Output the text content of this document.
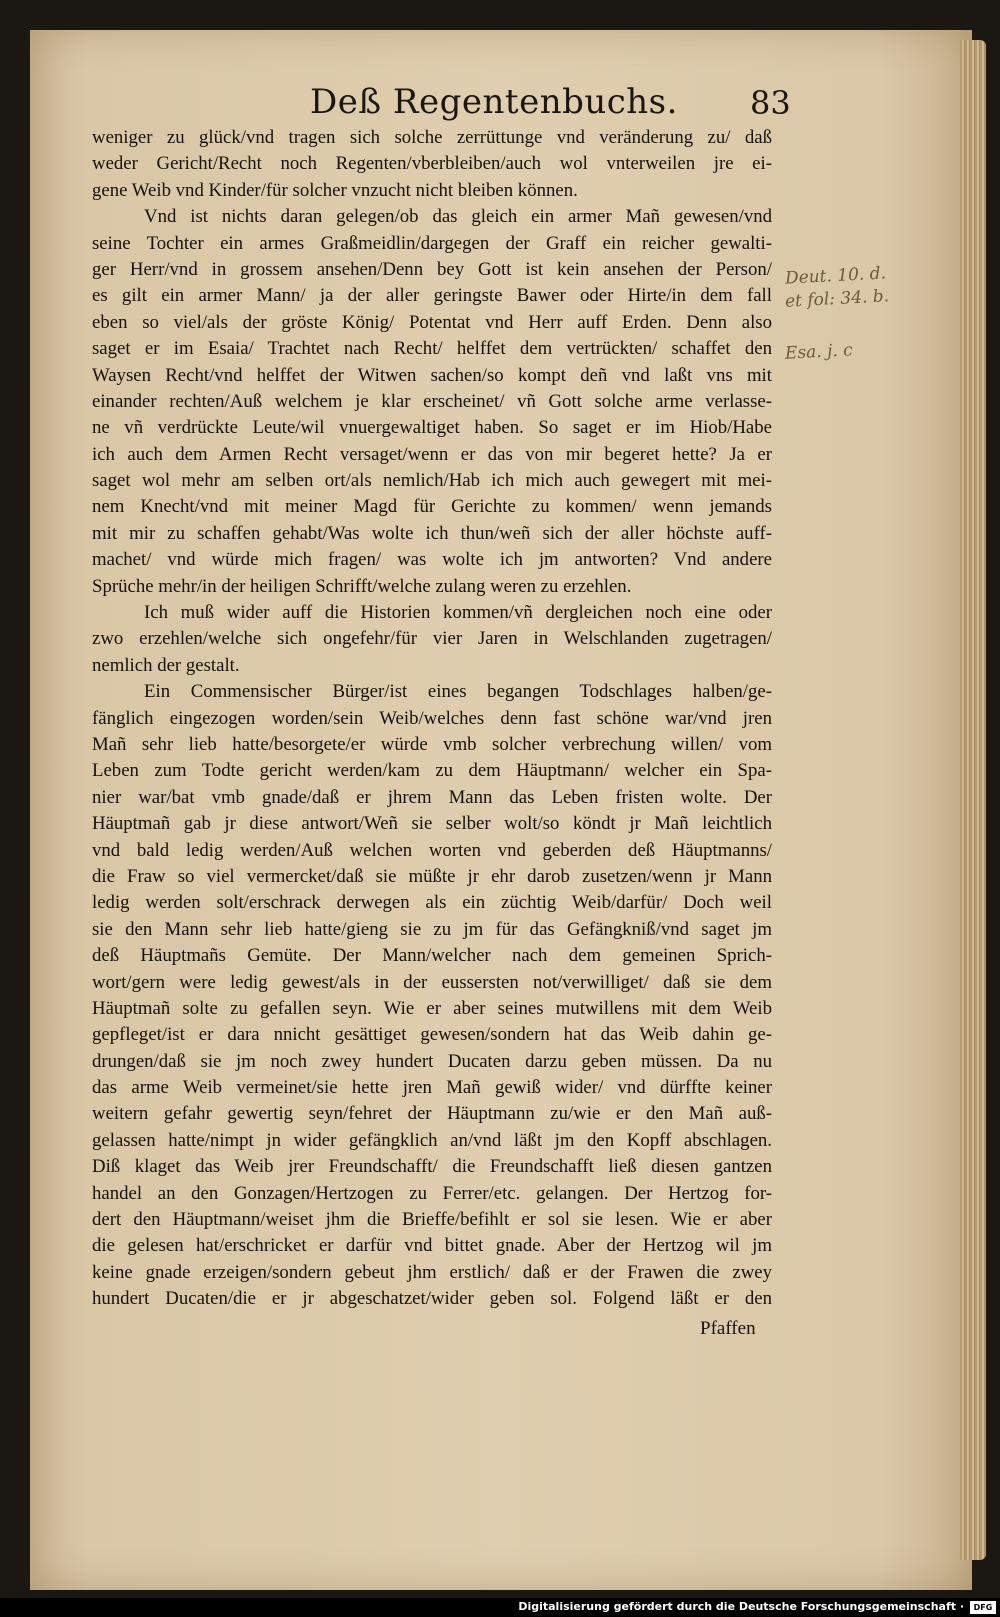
Deß Regentenbuchs. 83
weniger zu glück/vnd tragen sich solche zerrüttunge vnd veränderung zu/ daß
weder Gericht/Recht noch Regenten/vberbleiben/auch wol vnterweilen jre ei-
gene Weib vnd Kinder/für solcher vnzucht nicht bleiben können.
Vnd ist nichts daran gelegen/ob das gleich ein armer Mañ gewesen/vnd
seine Tochter ein armes Graßmeidlin/dargegen der Graff ein reicher gewalti-
ger Herr/vnd in grossem ansehen/Denn bey Gott ist kein ansehen der Person/
es gilt ein armer Mann/ ja der aller geringste Bawer oder Hirte/in dem fall
eben so viel/als der gröste König/ Potentat vnd Herr auff Erden. Denn also
saget er im Esaia/ Trachtet nach Recht/ helffet dem vertrückten/ schaffet den
Waysen Recht/vnd helffet der Witwen sachen/so kompt deñ vnd laßt vns mit
einander rechten/Auß welchem je klar erscheinet/ vñ Gott solche arme verlasse-
ne vñ verdrückte Leute/wil vnuergewaltiget haben. So saget er im Hiob/Habe
ich auch dem Armen Recht versaget/wenn er das von mir begeret hette? Ja er
saget wol mehr am selben ort/als nemlich/Hab ich mich auch gewegert mit mei-
nem Knecht/vnd mit meiner Magd für Gerichte zu kommen/ wenn jemands
mit mir zu schaffen gehabt/Was wolte ich thun/weñ sich der aller höchste auff-
machet/ vnd würde mich fragen/ was wolte ich jm antworten? Vnd andere
Sprüche mehr/in der heiligen Schrifft/welche zulang weren zu erzehlen.
Ich muß wider auff die Historien kommen/vñ dergleichen noch eine oder
zwo erzehlen/welche sich ongefehr/für vier Jaren in Welschlanden zugetragen/
nemlich der gestalt.
Ein Commensischer Bürger/ist eines begangen Todschlages halben/ge-
fänglich eingezogen worden/sein Weib/welches denn fast schöne war/vnd jren
Mañ sehr lieb hatte/besorgete/er würde vmb solcher verbrechung willen/ vom
Leben zum Todte gericht werden/kam zu dem Häuptmann/ welcher ein Spa-
nier war/bat vmb gnade/daß er jhrem Mann das Leben fristen wolte. Der
Häuptmañ gab jr diese antwort/Weñ sie selber wolt/so köndt jr Mañ leichtlich
vnd bald ledig werden/Auß welchen worten vnd geberden deß Häuptmanns/
die Fraw so viel vermercket/daß sie müßte jr ehr darob zusetzen/wenn jr Mann
ledig werden solt/erschrack derwegen als ein züchtig Weib/darfür/ Doch weil
sie den Mann sehr lieb hatte/gieng sie zu jm für das Gefängkniß/vnd saget jm
deß Häuptmañs Gemüte. Der Mann/welcher nach dem gemeinen Sprich-
wort/gern were ledig gewest/als in der eussersten not/verwilliget/ daß sie dem
Häuptmañ solte zu gefallen seyn. Wie er aber seines mutwillens mit dem Weib
gepfleget/ist er dara nnicht gesättiget gewesen/sondern hat das Weib dahin ge-
drungen/daß sie jm noch zwey hundert Ducaten darzu geben müssen. Da nu
das arme Weib vermeinet/sie hette jren Mañ gewiß wider/ vnd dürffte keiner
weitern gefahr gewertig seyn/fehret der Häuptmann zu/wie er den Mañ auß-
gelassen hatte/nimpt jn wider gefängklich an/vnd läßt jm den Kopff abschlagen.
Diß klaget das Weib jrer Freundschafft/ die Freundschafft ließ diesen gantzen
handel an den Gonzagen/Hertzogen zu Ferrer/etc. gelangen. Der Hertzog for-
dert den Häuptmann/weiset jhm die Brieffe/befihlt er sol sie lesen. Wie er aber
die gelesen hat/erschricket er darfür vnd bittet gnade. Aber der Hertzog wil jm
keine gnade erzeigen/sondern gebeut jhm erstlich/ daß er der Frawen die zwey
hundert Ducaten/die er jr abgeschatzet/wider geben sol. Folgend läßt er den
Pfaffen
Deut. 10. d.
et fol: 34. b.
Esa. j. c
Digitalisierung gefördert durch die Deutsche Forschungsgemeinschaft ·	DFG
